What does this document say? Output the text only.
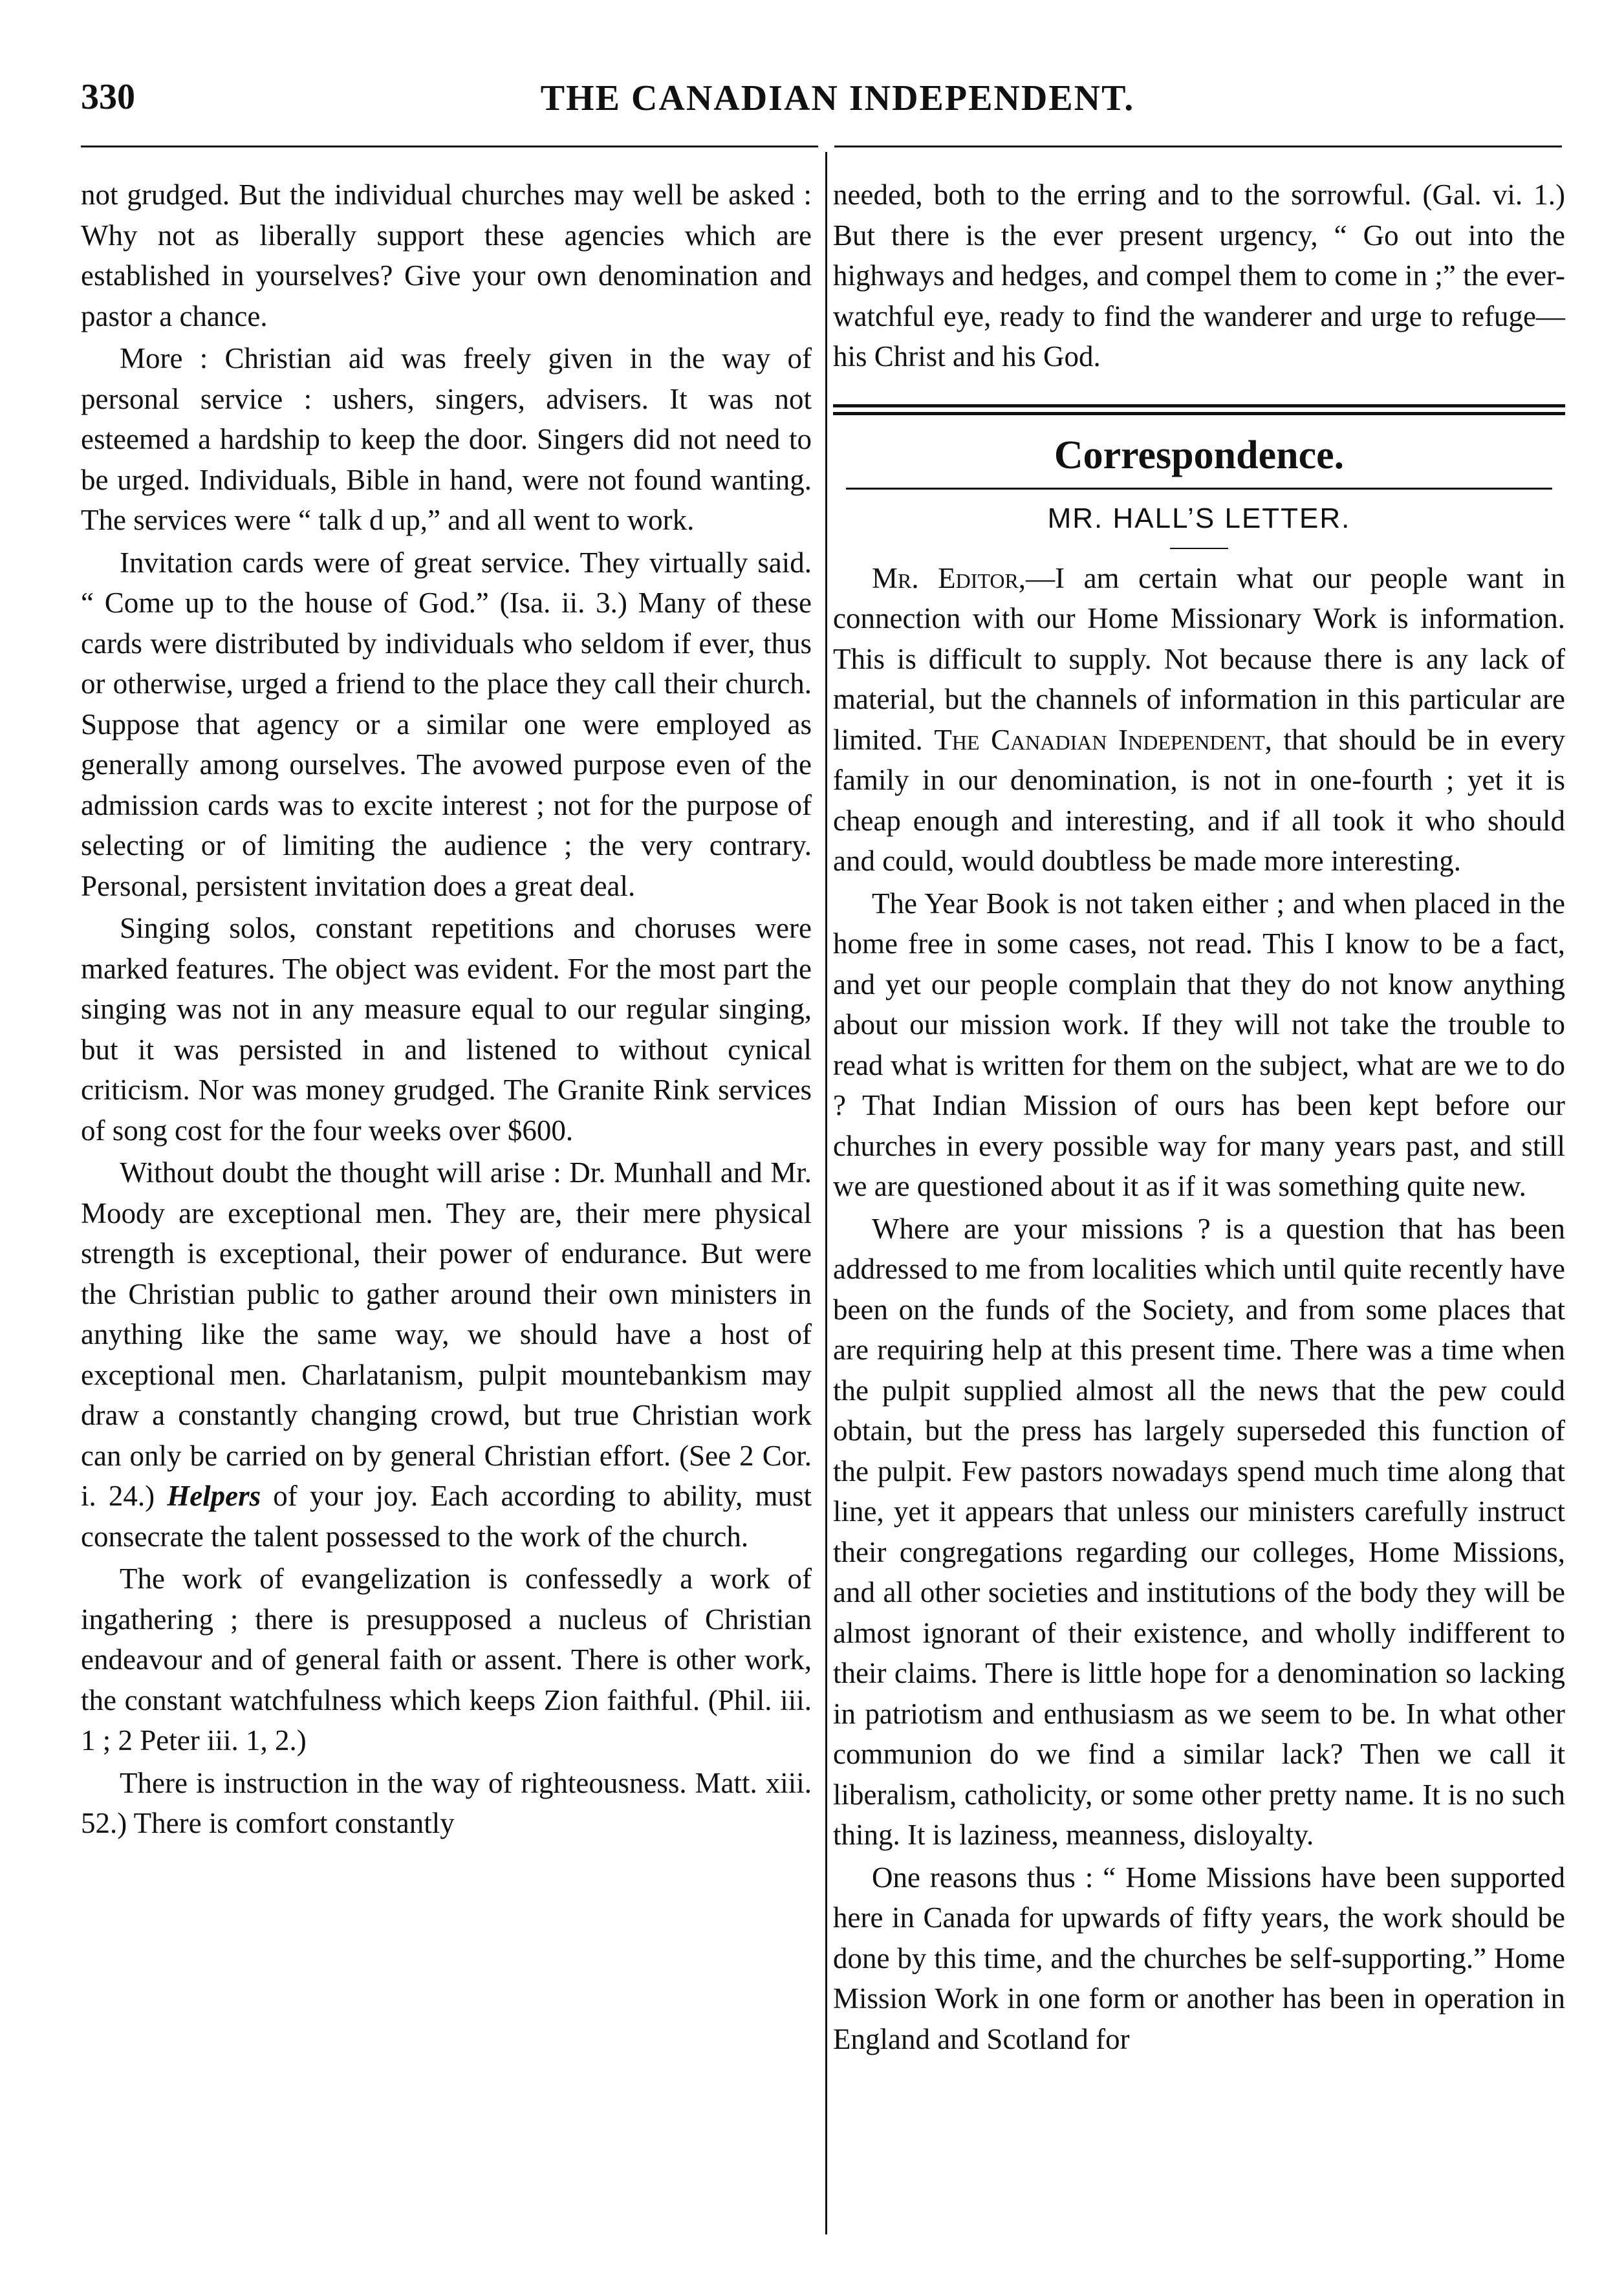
330	THE CANADIAN INDEPENDENT.

not grudged. But the individual churches may well be asked : Why not as liberally support these agencies which are established in yourselves? Give your own denomination and pastor a chance.

More : Christian aid was freely given in the way of personal service : ushers, singers, advisers. It was not esteemed a hardship to keep the door. Singers did not need to be urged. Individuals, Bible in hand, were not found wanting. The services were “ talk d up,” and all went to work.

Invitation cards were of great service. They virtually said. “ Come up to the house of God.” (Isa. ii. 3.) Many of these cards were distributed by individuals who seldom if ever, thus or otherwise, urged a friend to the place they call their church. Suppose that agency or a similar one were employed as generally among ourselves. The avowed purpose even of the admission cards was to excite interest ; not for the purpose of selecting or of limiting the audience ; the very contrary. Personal, persistent invitation does a great deal.

Singing solos, constant repetitions and choruses were marked features. The object was evident. For the most part the singing was not in any measure equal to our regular singing, but it was persisted in and listened to without cynical criticism. Nor was money grudged. The Granite Rink services of song cost for the four weeks over $600.

Without doubt the thought will arise : Dr. Munhall and Mr. Moody are exceptional men. They are, their mere physical strength is exceptional, their power of endurance. But were the Christian public to gather around their own ministers in anything like the same way, we should have a host of exceptional men. Charlatanism, pulpit mountebankism may draw a constantly changing crowd, but true Christian work can only be carried on by general Christian effort. (See 2 Cor. i. 24.) Helpers of your joy. Each according to ability, must consecrate the talent possessed to the work of the church.

The work of evangelization is confessedly a work of ingathering ; there is presupposed a nucleus of Christian endeavour and of general faith or assent. There is other work, the constant watchfulness which keeps Zion faithful. (Phil. iii. 1 ; 2 Peter iii. 1, 2.)

There is instruction in the way of righteousness. Matt. xiii. 52.) There is comfort constantly

needed, both to the erring and to the sorrowful. (Gal. vi. 1.) But there is the ever present urgency, “ Go out into the highways and hedges, and compel them to come in ;” the ever-watchful eye, ready to find the wanderer and urge to refuge— his Christ and his God.

Correspondence.
MR. HALL’S LETTER.

Mr. Editor,—I am certain what our people want in connection with our Home Missionary Work is information. This is difficult to supply. Not because there is any lack of material, but the channels of information in this particular are limited. The Canadian Independent, that should be in every family in our denomination, is not in one-fourth ; yet it is cheap enough and interesting, and if all took it who should and could, would doubtless be made more interesting.

The Year Book is not taken either ; and when placed in the home free in some cases, not read. This I know to be a fact, and yet our people complain that they do not know anything about our mission work. If they will not take the trouble to read what is written for them on the subject, what are we to do ? That Indian Mission of ours has been kept before our churches in every possible way for many years past, and still we are questioned about it as if it was something quite new.

Where are your missions ? is a question that has been addressed to me from localities which until quite recently have been on the funds of the Society, and from some places that are requiring help at this present time. There was a time when the pulpit supplied almost all the news that the pew could obtain, but the press has largely superseded this function of the pulpit. Few pastors nowadays spend much time along that line, yet it appears that unless our ministers carefully instruct their congregations regarding our colleges, Home Missions, and all other societies and institutions of the body they will be almost ignorant of their existence, and wholly indifferent to their claims. There is little hope for a denomination so lacking in patriotism and enthusiasm as we seem to be. In what other communion do we find a similar lack? Then we call it liberalism, catholicity, or some other pretty name. It is no such thing. It is laziness, meanness, disloyalty.

One reasons thus : “ Home Missions have been supported here in Canada for upwards of fifty years, the work should be done by this time, and the churches be self-supporting.” Home Mission Work in one form or another has been in operation in England and Scotland for
